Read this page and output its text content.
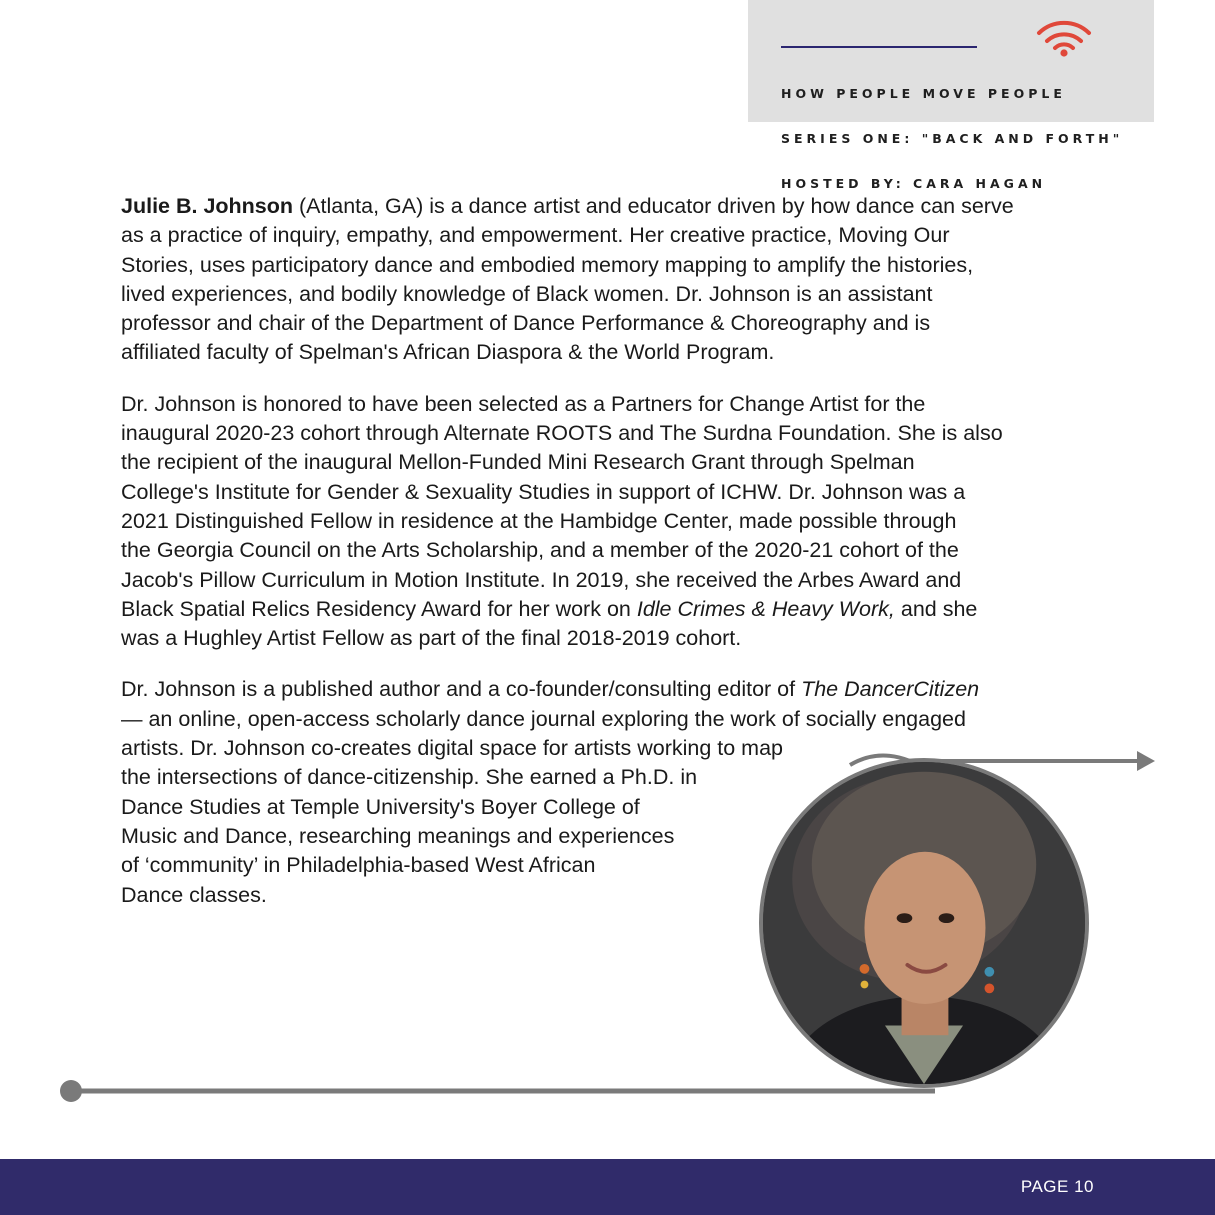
HOW PEOPLE MOVE PEOPLE

SERIES ONE: "BACK AND FORTH"

HOSTED BY: CARA HAGAN

Julie B. Johnson (Atlanta, GA) is a dance artist and educator driven by how dance can serve
as a practice of inquiry, empathy, and empowerment. Her creative practice, Moving Our
Stories, uses participatory dance and embodied memory mapping to amplify the histories,
lived experiences, and bodily knowledge of Black women. Dr. Johnson is an assistant
professor and chair of the Department of Dance Performance & Choreography and is
affiliated faculty of Spelman's African Diaspora & the World Program.

Dr. Johnson is honored to have been selected as a Partners for Change Artist for the
inaugural 2020-23 cohort through Alternate ROOTS and The Surdna Foundation. She is also
the recipient of the inaugural Mellon-Funded Mini Research Grant through Spelman
College's Institute for Gender & Sexuality Studies in support of ICHW. Dr. Johnson was a
2021 Distinguished Fellow in residence at the Hambidge Center, made possible through
the Georgia Council on the Arts Scholarship, and a member of the 2020-21 cohort of the
Jacob's Pillow Curriculum in Motion Institute. In 2019, she received the Arbes Award and
Black Spatial Relics Residency Award for her work on Idle Crimes & Heavy Work, and she
was a Hughley Artist Fellow as part of the final 2018-2019 cohort.

Dr. Johnson is a published author and a co-founder/consulting editor of The DancerCitizen
— an online, open-access scholarly dance journal exploring the work of socially engaged
artists. Dr. Johnson co-creates digital space for artists working to map
the intersections of dance-citizenship. She earned a Ph.D. in
Dance Studies at Temple University's Boyer College of
Music and Dance, researching meanings and experiences
of ‘community’ in Philadelphia-based West African
Dance classes.

PAGE 10
